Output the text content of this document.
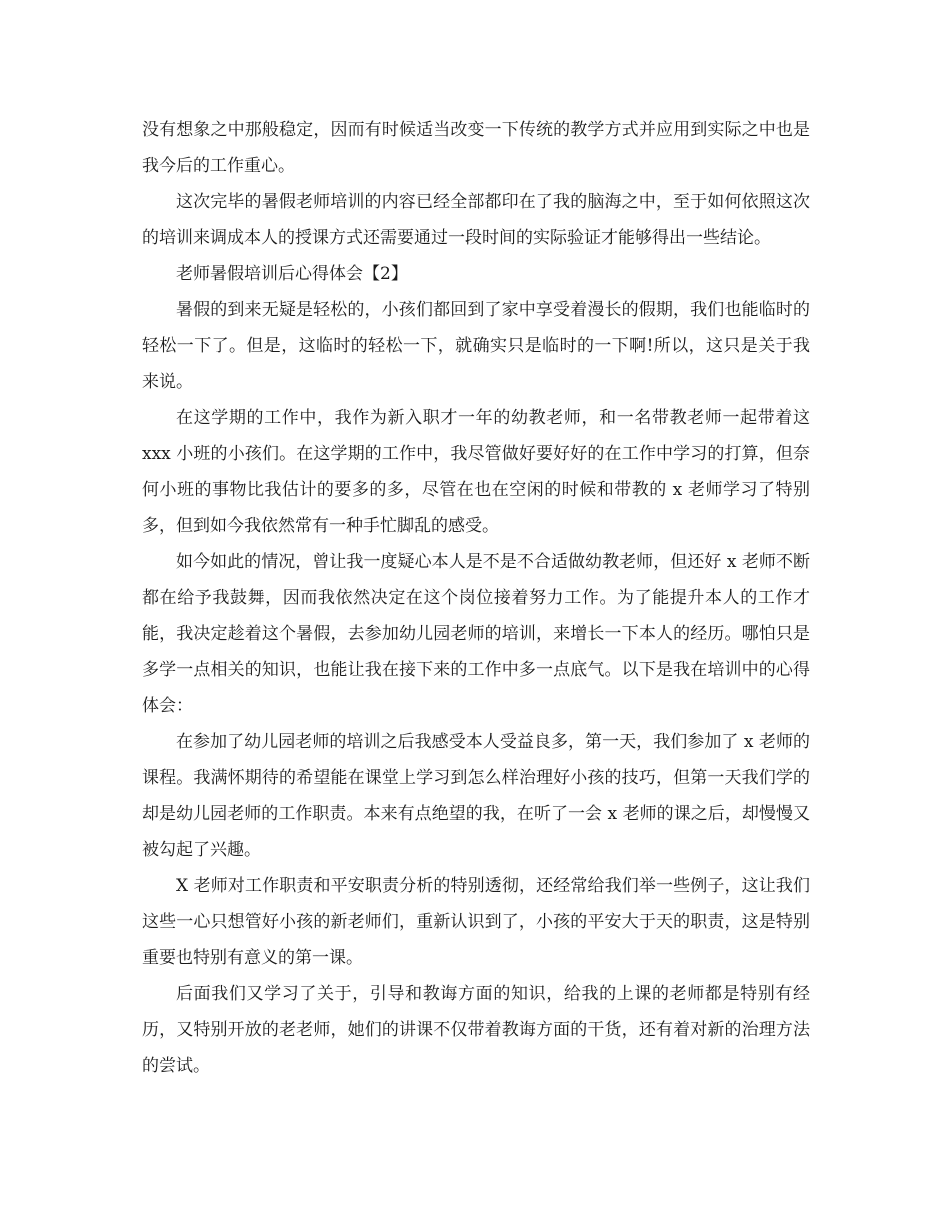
没有想象之中那般稳定，因而有时候适当改变一下传统的教学方式并应用到实际之中也是我今后的工作重心。

这次完毕的暑假老师培训的内容已经全部都印在了我的脑海之中，至于如何依照这次的培训来调成本人的授课方式还需要通过一段时间的实际验证才能够得出一些结论。

老师暑假培训后心得体会【2】

暑假的到来无疑是轻松的，小孩们都回到了家中享受着漫长的假期，我们也能临时的轻松一下了。但是，这临时的轻松一下，就确实只是临时的一下啊!所以，这只是关于我来说。

在这学期的工作中，我作为新入职才一年的幼教老师，和一名带教老师一起带着这 xxx 小班的小孩们。在这学期的工作中，我尽管做好要好好的在工作中学习的打算，但奈何小班的事物比我估计的要多的多，尽管在也在空闲的时候和带教的 x 老师学习了特别多，但到如今我依然常有一种手忙脚乱的感受。

如今如此的情况，曾让我一度疑心本人是不是不合适做幼教老师，但还好 x 老师不断都在给予我鼓舞，因而我依然决定在这个岗位接着努力工作。为了能提升本人的工作才能，我决定趁着这个暑假，去参加幼儿园老师的培训，来增长一下本人的经历。哪怕只是多学一点相关的知识，也能让我在接下来的工作中多一点底气。以下是我在培训中的心得体会：

在参加了幼儿园老师的培训之后我感受本人受益良多，第一天，我们参加了 x 老师的课程。我满怀期待的希望能在课堂上学习到怎么样治理好小孩的技巧，但第一天我们学的却是幼儿园老师的工作职责。本来有点绝望的我，在听了一会 x 老师的课之后，却慢慢又被勾起了兴趣。

X 老师对工作职责和平安职责分析的特别透彻，还经常给我们举一些例子，这让我们这些一心只想管好小孩的新老师们，重新认识到了，小孩的平安大于天的职责，这是特别重要也特别有意义的第一课。

后面我们又学习了关于，引导和教诲方面的知识，给我的上课的老师都是特别有经历，又特别开放的老老师，她们的讲课不仅带着教诲方面的干货，还有着对新的治理方法的尝试。
